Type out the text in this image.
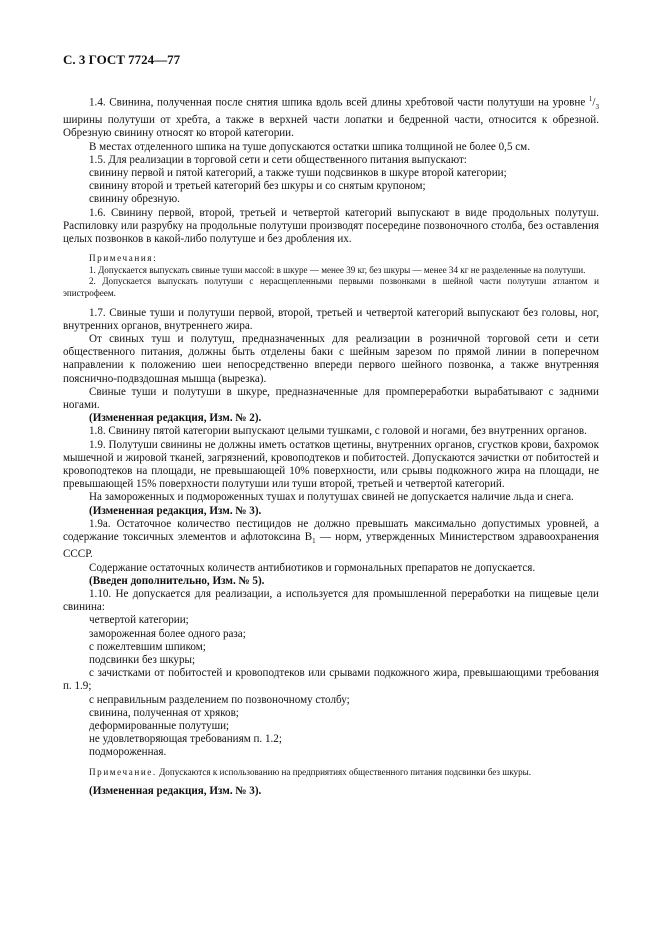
С. 3 ГОСТ 7724—77

1.4. Свинина, полученная после снятия шпика вдоль всей длины хребтовой части полутуши на уровне $^1/_3$ ширины полутуши от хребта, а также в верхней части лопатки и бедренной части, относится к обрезной. Обрезную свинину относят ко второй категории.

В местах отделенного шпика на туше допускаются остатки шпика толщиной не более 0,5 см.

1.5. Для реализации в торговой сети и сети общественного питания выпускают:

свинину первой и пятой категорий, а также туши подсвинков в шкуре второй категории;

свинину второй и третьей категорий без шкуры и со снятым крупоном;

свинину обрезную.

1.6. Свинину первой, второй, третьей и четвертой категорий выпускают в виде продольных полутуш. Распиловку или разрубку на продольные полутуши производят посередине позвоночного столба, без оставления целых позвонков в какой-либо полутуше и без дробления их.

Примечания:

1. Допускается выпускать свиные туши массой: в шкуре — менее 39 кг, без шкуры — менее 34 кг не разделенные на полутуши.

2. Допускается выпускать полутуши с нерасщепленными первыми позвонками в шейной части полутуши атлантом и эпистрофеем.

1.7. Свиные туши и полутуши первой, второй, третьей и четвертой категорий выпускают без головы, ног, внутренних органов, внутреннего жира.

От свиных туш и полутуш, предназначенных для реализации в розничной торговой сети и сети общественного питания, должны быть отделены баки с шейным зарезом по прямой линии в поперечном направлении к положению шеи непосредственно впереди первого шейного позвонка, а также внутренняя поясничнo-подвздошная мышца (вырезка).

Свиные туши и полутуши в шкуре, предназначенные для промпереработки вырабатывают с задними ногами.

(Измененная редакция, Изм. № 2).

1.8. Свинину пятой категории выпускают целыми тушками, с головой и ногами, без внутренних органов.

1.9. Полутуши свинины не должны иметь остатков щетины, внутренних органов, сгустков крови, бахромок мышечной и жировой тканей, загрязнений, кровоподтеков и побитостей. Допускаются зачистки от побитостей и кровоподтеков на площади, не превышающей 10% поверхности, или срывы подкожного жира на площади, не превышающей 15% поверхности полутуши или туши второй, третьей и четвертой категорий.

На замороженных и подмороженных тушах и полутушах свиней не допускается наличие льда и снега.

(Измененная редакция, Изм. № 3).

1.9а. Остаточное количество пестицидов не должно превышать максимально допустимых уровней, а содержание токсичных элементов и афлотоксина $В_1$ — норм, утвержденных Министерством здравоохранения СССР.

Содержание остаточных количеств антибиотиков и гормональных препаратов не допускается.

(Введен дополнительно, Изм. № 5).

1.10. Не допускается для реализации, а используется для промышленной переработки на пищевые цели свинина:

четвертой категории;

замороженная более одного раза;

с пожелтевшим шпиком;

подсвинки без шкуры;

с зачистками от побитостей и кровоподтеков или срывами подкожного жира, превышающими требования п. 1.9;

с неправильным разделением по позвоночному столбу;

свинина, полученная от хряков;

деформированные полутуши;

не удовлетворяющая требованиям п. 1.2;

подмороженная.

Примечание. Допускаются к использованию на предприятиях общественного питания подсвинки без шкуры.

(Измененная редакция, Изм. № 3).
